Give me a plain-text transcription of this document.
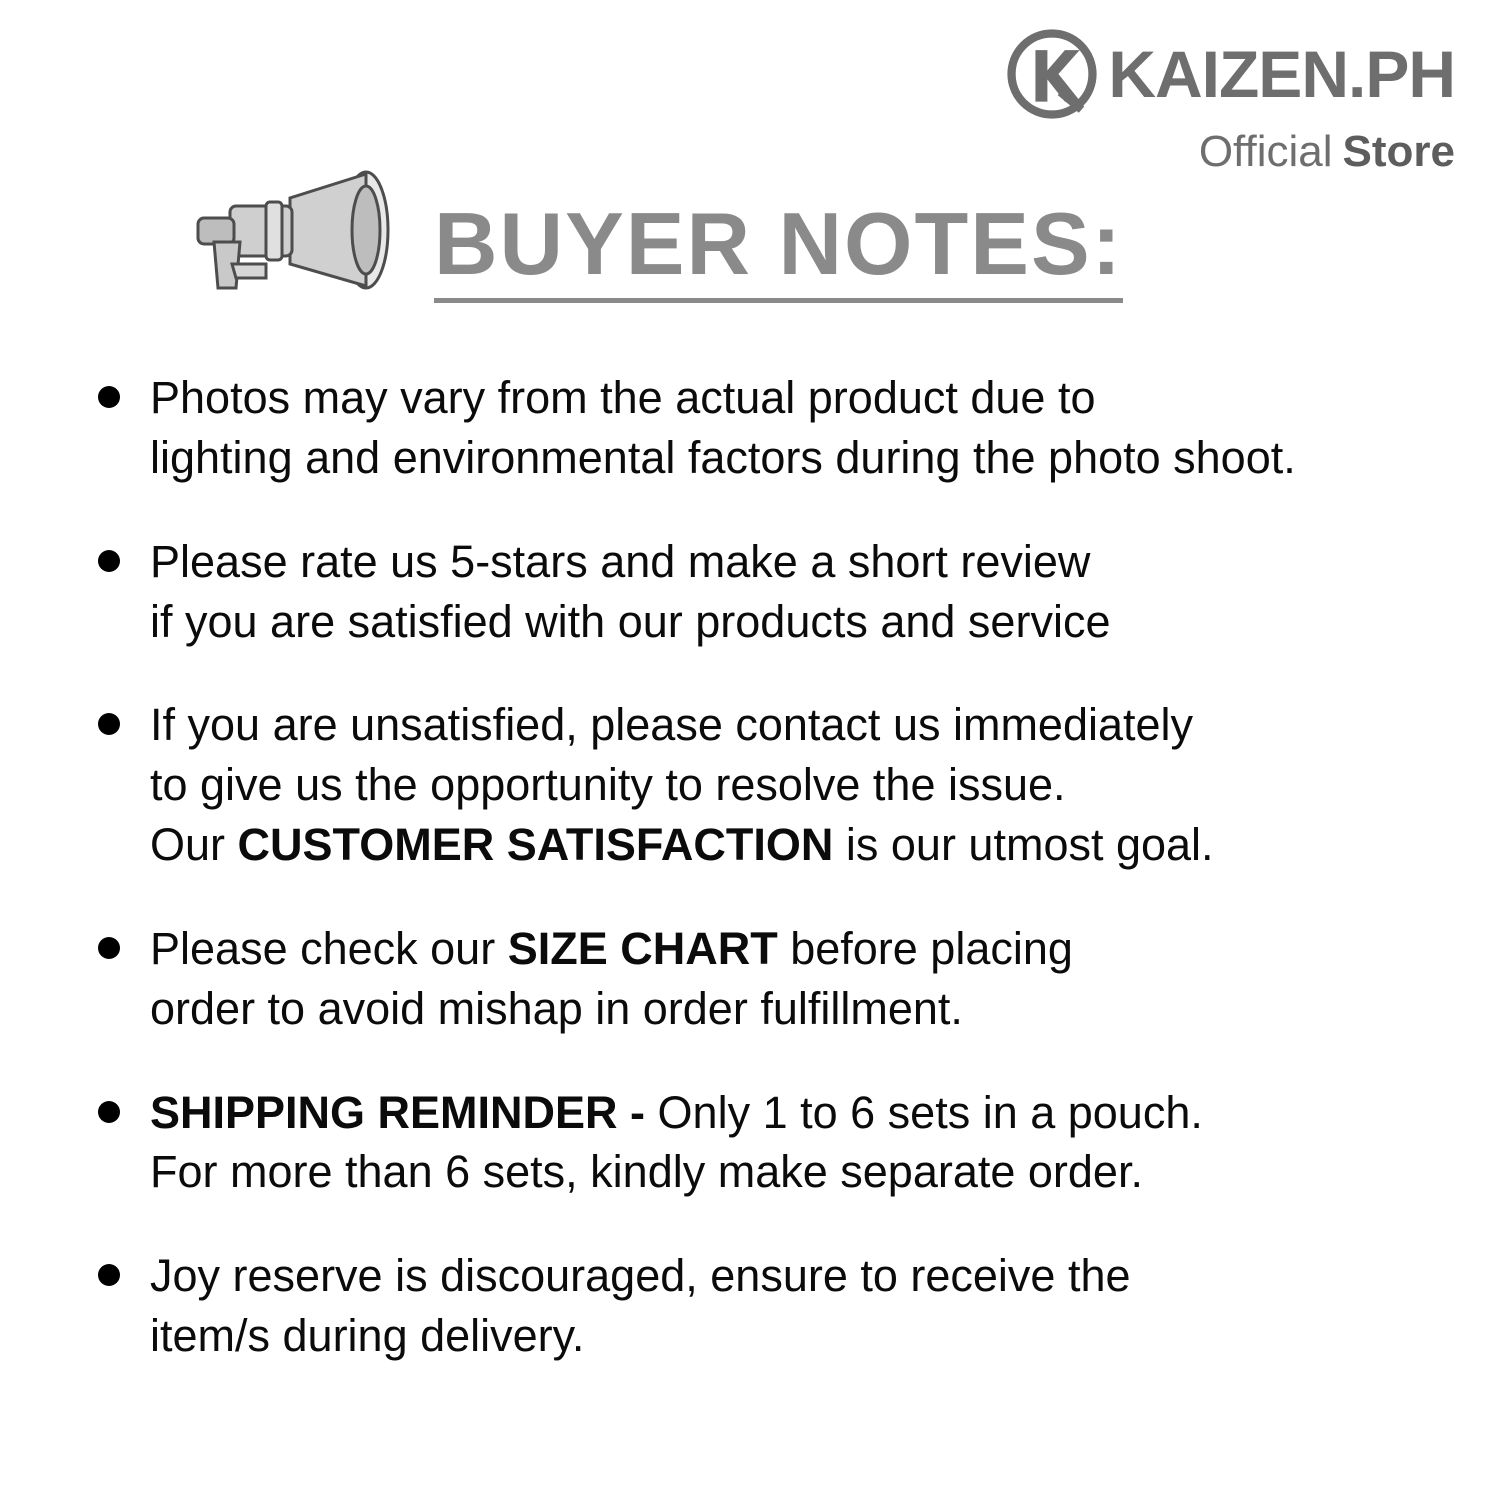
KAIZEN.PH
Official Store
BUYER NOTES:
Photos may vary from the actual product due to
lighting and environmental factors during the photo shoot.
Please rate us 5-stars and make a short review
if you are satisfied with our products and service
If you are unsatisfied, please contact us immediately
to give us the opportunity to resolve the issue.
Our CUSTOMER SATISFACTION is our utmost goal.
Please check our SIZE CHART before placing
order to avoid mishap in order fulfillment.
SHIPPING REMINDER - Only 1 to 6 sets in a pouch.
For more than 6 sets, kindly make separate order.
Joy reserve is discouraged, ensure to receive the
item/s during delivery.
